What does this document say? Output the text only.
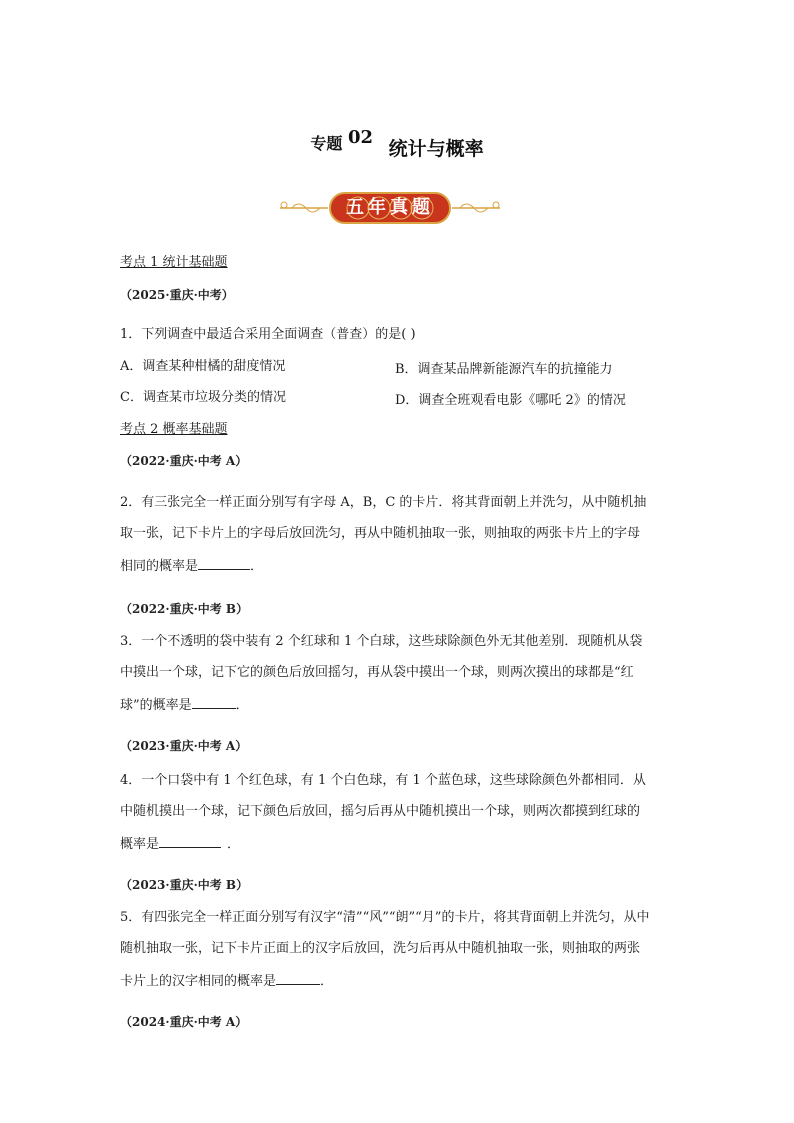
专题 02 统计与概率
五年真题
考点 1 统计基础题
（2025·重庆·中考）
1．下列调查中最适合采用全面调查（普查）的是( )
A．调查某种柑橘的甜度情况	B．调查某品牌新能源汽车的抗撞能力
C．调查某市垃圾分类的情况	D．调查全班观看电影《哪吒 2》的情况
考点 2 概率基础题
（2022·重庆·中考 A）
2．有三张完全一样正面分别写有字母 A，B，C 的卡片．将其背面朝上并洗匀，从中随机抽
取一张，记下卡片上的字母后放回洗匀，再从中随机抽取一张，则抽取的两张卡片上的字母
相同的概率是	．
（2022·重庆·中考 B）
3．一个不透明的袋中装有 2 个红球和 1 个白球，这些球除颜色外无其他差别．现随机从袋
中摸出一个球，记下它的颜色后放回摇匀，再从袋中摸出一个球，则两次摸出的球都是“红
球”的概率是	．
（2023·重庆·中考 A）
4．一个口袋中有 1 个红色球，有 1 个白色球，有 1 个蓝色球，这些球除颜色外都相同．从
中随机摸出一个球，记下颜色后放回，摇匀后再从中随机摸出一个球，则两次都摸到红球的
概率是	．
（2023·重庆·中考 B）
5．有四张完全一样正面分别写有汉字“清”“风”“朗”“月”的卡片，将其背面朝上并洗匀，从中
随机抽取一张，记下卡片正面上的汉字后放回，洗匀后再从中随机抽取一张，则抽取的两张
卡片上的汉字相同的概率是	．
（2024·重庆·中考 A）
